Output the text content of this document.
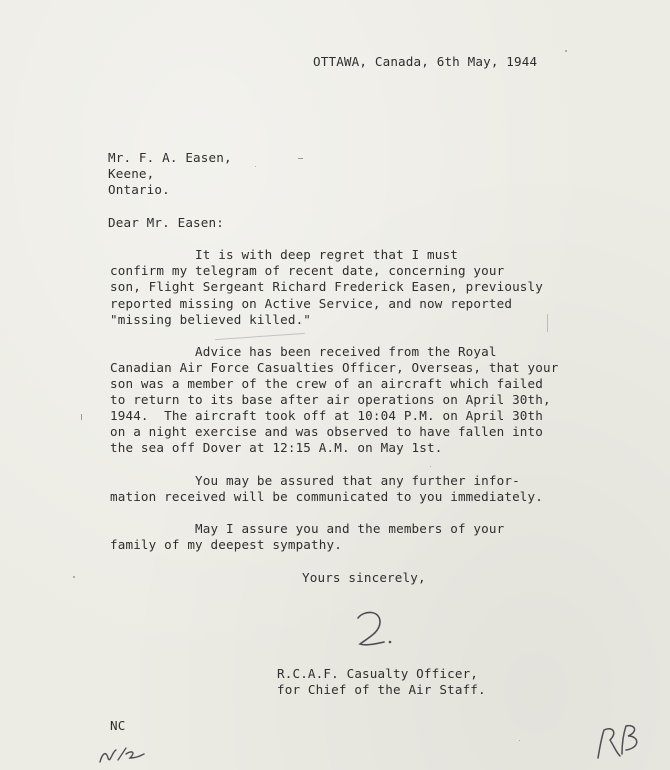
OTTAWA, Canada, 6th May, 1944
Mr. F. A. Easen,
Keene,
Ontario.
Dear Mr. Easen:
It is with deep regret that I must
confirm my telegram of recent date, concerning your
son, Flight Sergeant Richard Frederick Easen, previously
reported missing on Active Service, and now reported
"missing believed killed."
Advice has been received from the Royal
Canadian Air Force Casualties Officer, Overseas, that your
son was a member of the crew of an aircraft which failed
to return to its base after air operations on April 30th,
1944.  The aircraft took off at 10:04 P.M. on April 30th
on a night exercise and was observed to have fallen into
the sea off Dover at 12:15 A.M. on May 1st.
You may be assured that any further infor-
mation received will be communicated to you immediately.
May I assure you and the members of your
family of my deepest sympathy.
Yours sincerely,
R.C.A.F. Casualty Officer,
for Chief of the Air Staff.
NC
